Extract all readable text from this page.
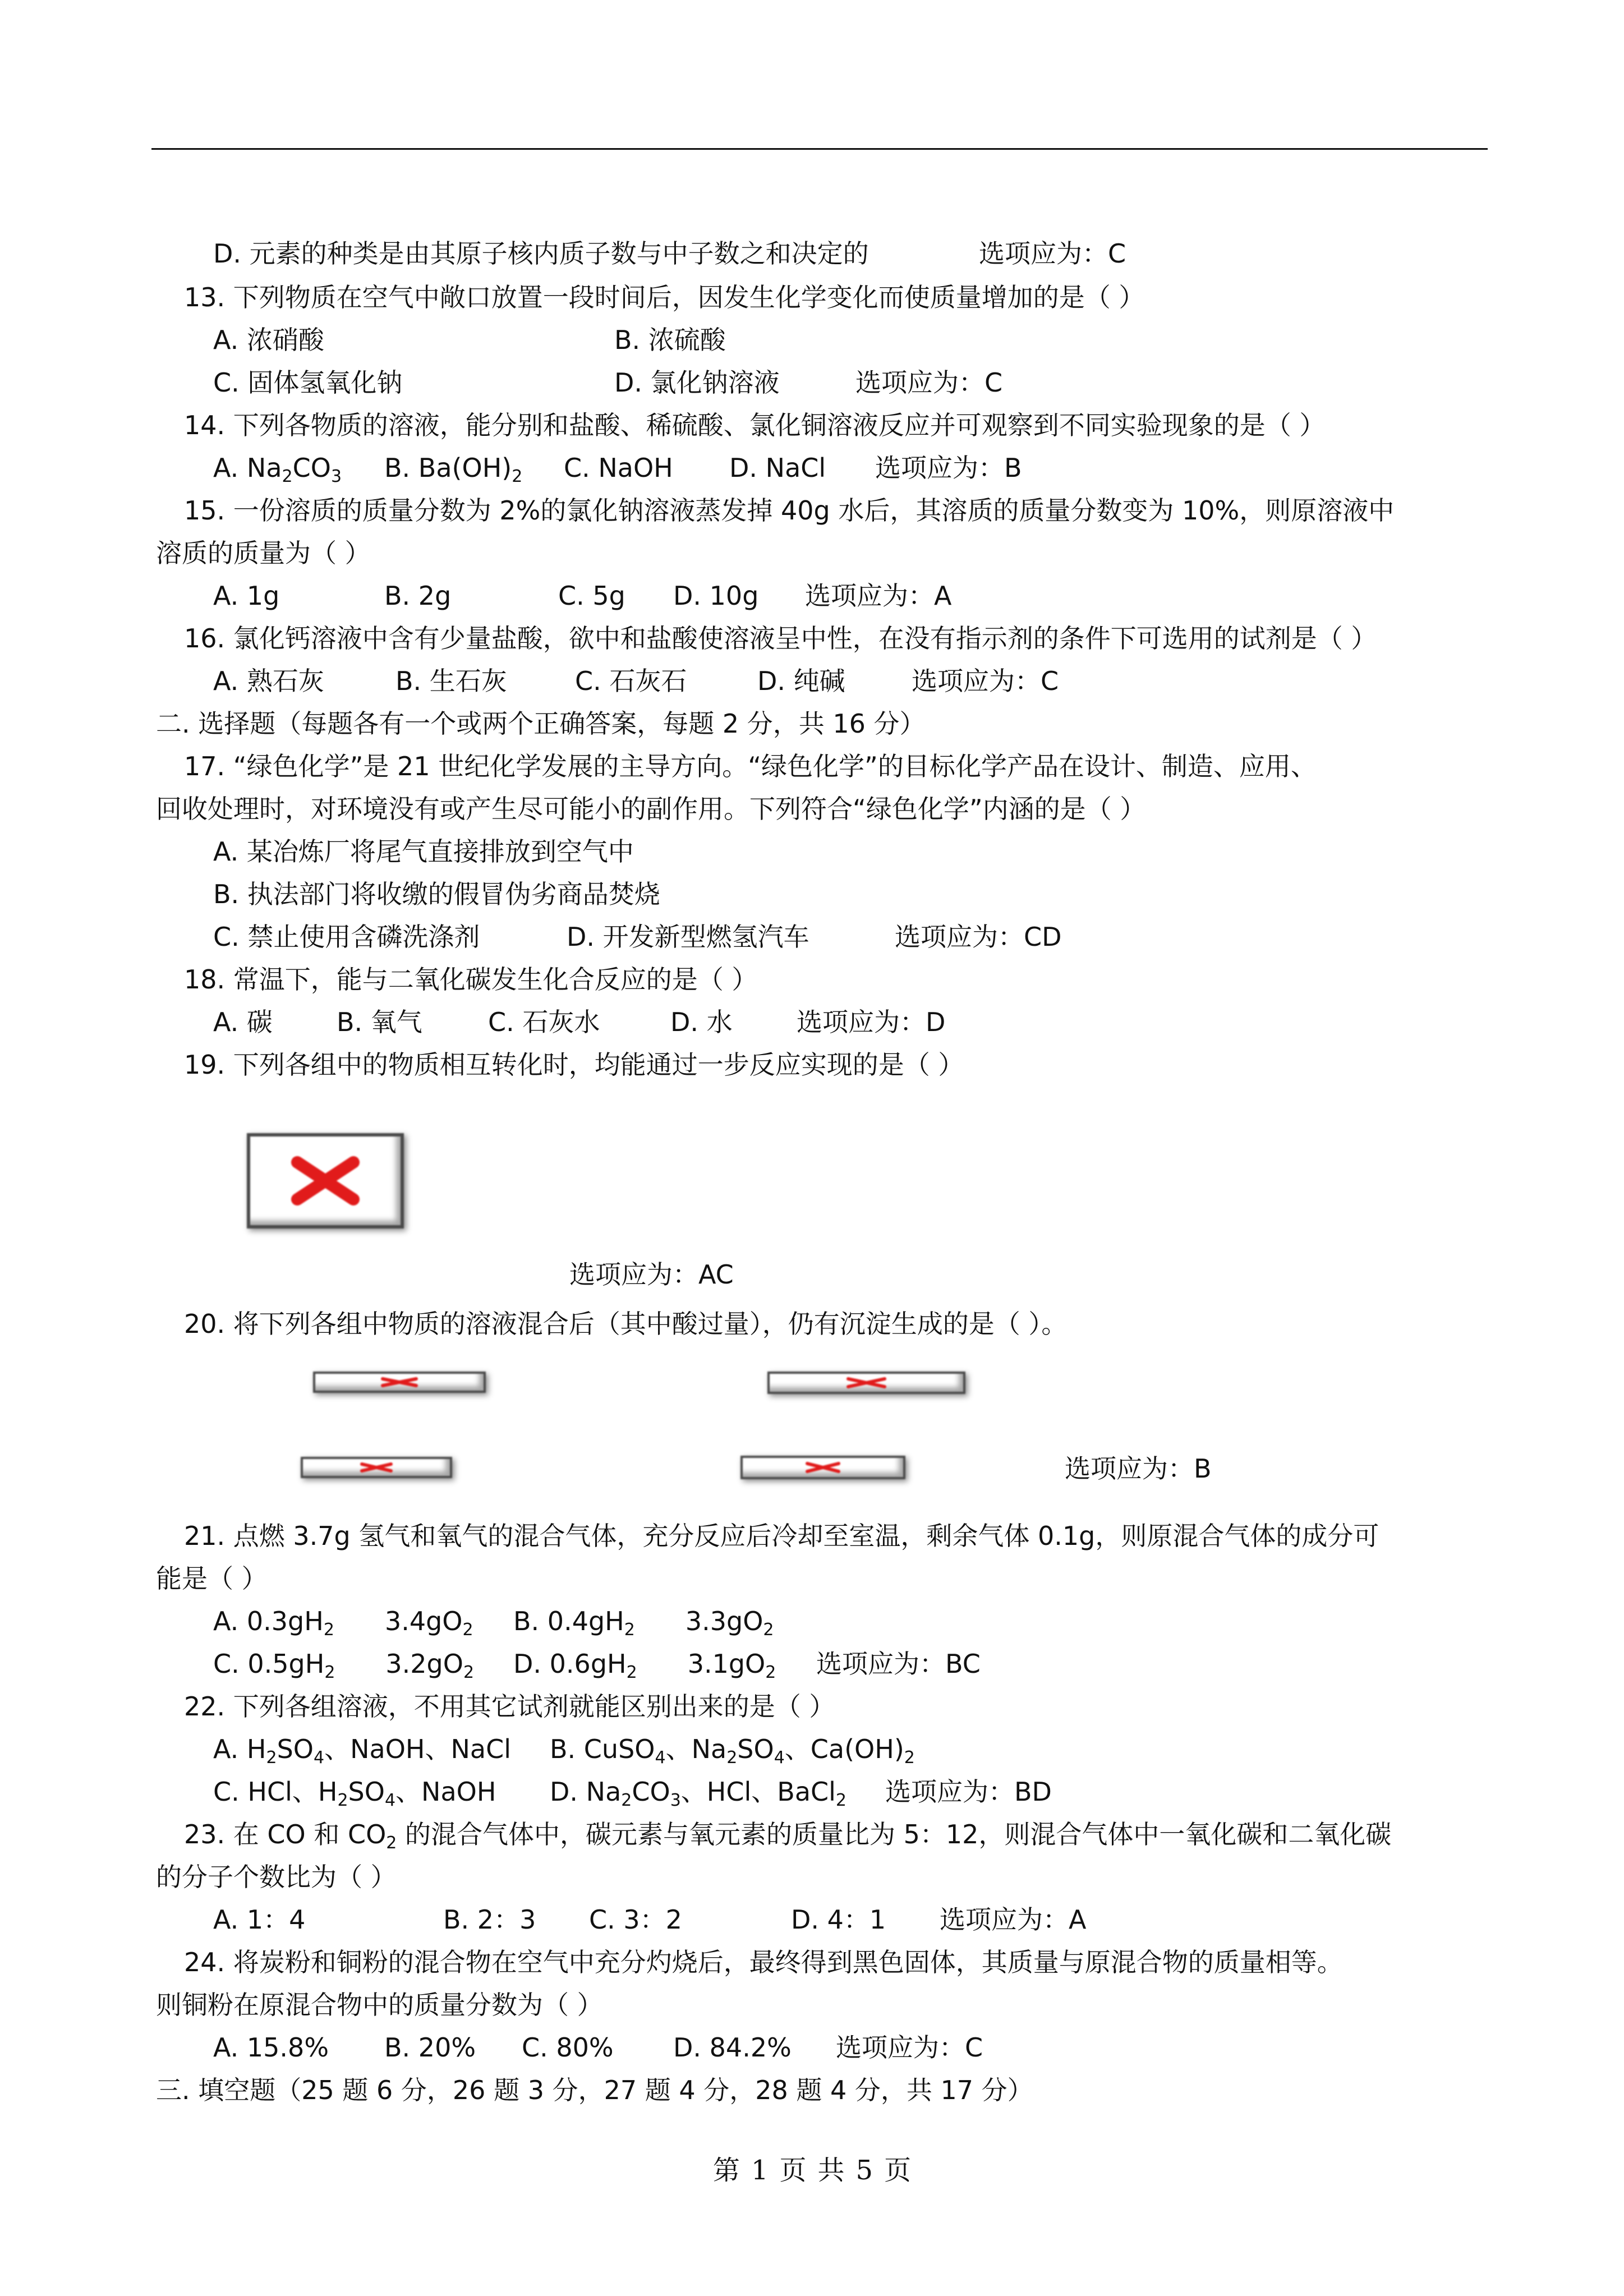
D. 元素的种类是由其原子核内质子数与中子数之和决定的	选项应为：C
13. 下列物质在空气中敞口放置一段时间后，因发生化学变化而使质量增加的是（ ）
A. 浓硝酸	B. 浓硫酸
C. 固体氢氧化钠	D. 氯化钠溶液	选项应为：C
14. 下列各物质的溶液，能分别和盐酸、稀硫酸、氯化铜溶液反应并可观察到不同实验现象的是（ ）
A. $Na_2CO_3$ B. $Ba(OH)_2$ C. NaOH D. NaCl 选项应为：B
15. 一份溶质的质量分数为 2%的氯化钠溶液蒸发掉 40g 水后，其溶质的质量分数变为 10%，则原溶液中
溶质的质量为（ ）
A. 1g	B. 2g	C. 5g D. 10g 选项应为：A
16. 氯化钙溶液中含有少量盐酸，欲中和盐酸使溶液呈中性，在没有指示剂的条件下可选用的试剂是（ ）
A. 熟石灰	B. 生石灰	C. 石灰石	D. 纯碱	选项应为：C
二. 选择题（每题各有一个或两个正确答案，每题 2 分，共 16 分）
17. “绿色化学”是 21 世纪化学发展的主导方向。“绿色化学”的目标化学产品在设计、制造、应用、
回收处理时，对环境没有或产生尽可能小的副作用。下列符合“绿色化学”内涵的是（ ）
A. 某冶炼厂将尾气直接排放到空气中
B. 执法部门将收缴的假冒伪劣商品焚烧
C. 禁止使用含磷洗涤剂	D. 开发新型燃氢汽车	选项应为：CD
18. 常温下，能与二氧化碳发生化合反应的是（ ）
A. 碳 B. 氧气	C. 石灰水	D. 水 选项应为：D
19. 下列各组中的物质相互转化时，均能通过一步反应实现的是（ ）
选项应为：AC
20. 将下列各组中物质的溶液混合后（其中酸过量），仍有沉淀生成的是（ ）。
选项应为：B
21. 点燃 3.7g 氢气和氧气的混合气体，充分反应后冷却至室温，剩余气体 0.1g，则原混合气体的成分可
能是（ ）
A. $0.3gH_2$ $3.4gO_2$ B. $0.4gH_2$ $3.3gO_2$
C. $0.5gH_2$ $3.2gO_2$ D. $0.6gH_2$ $3.1gO_2$ 选项应为：BC
22. 下列各组溶液，不用其它试剂就能区别出来的是（ ）
A. $H_2SO_4$、NaOH、NaCl B. CuSO$_4$、$Na_2SO_4$、$Ca(OH)_2$
C. HCl、$H_2SO_4$、NaOH D. $Na_2CO_3$、HCl、BaCl$_2$ 选项应为：BD
23. 在 CO 和 $CO_2$ 的混合气体中，碳元素与氧元素的质量比为 5：12，则混合气体中一氧化碳和二氧化碳
的分子个数比为（ ）
A. 1：4	B. 2：3 C. 3：2	D. 4：1 选项应为：A
24. 将炭粉和铜粉的混合物在空气中充分灼烧后，最终得到黑色固体，其质量与原混合物的质量相等。
则铜粉在原混合物中的质量分数为（ ）
A. 15.8% B. 20% C. 80% D. 84.2% 选项应为：C
三. 填空题（25 题 6 分，26 题 3 分，27 题 4 分，28 题 4 分，共 17 分）
第 1 页 共 5 页
